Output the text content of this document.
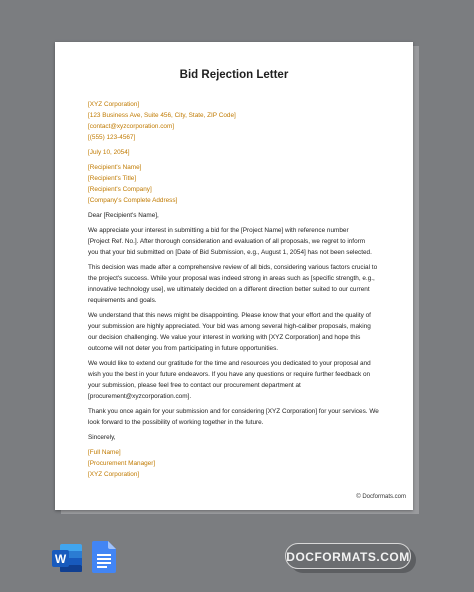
Bid Rejection Letter
[XYZ Corporation]
[123 Business Ave, Suite 456, City, State, ZIP Code]
[contact@xyzcorporation.com]
[(555) 123-4567]
[July 10, 2054]
[Recipient's Name]
[Recipient's Title]
[Recipient's Company]
[Company's Complete Address]
Dear [Recipient's Name],
We appreciate your interest in submitting a bid for the [Project Name] with reference number
[Project Ref. No.]. After thorough consideration and evaluation of all proposals, we regret to inform
you that your bid submitted on [Date of Bid Submission, e.g., August 1, 2054] has not been selected.
This decision was made after a comprehensive review of all bids, considering various factors crucial to
the project's success. While your proposal was indeed strong in areas such as [specific strength, e.g.,
innovative technology use], we ultimately decided on a different direction better suited to our current
requirements and goals.
We understand that this news might be disappointing. Please know that your effort and the quality of
your submission are highly appreciated. Your bid was among several high-caliber proposals, making
our decision challenging. We value your interest in working with [XYZ Corporation] and hope this
outcome will not deter you from participating in future opportunities.
We would like to extend our gratitude for the time and resources you dedicated to your proposal and
wish you the best in your future endeavors. If you have any questions or require further feedback on
your submission, please feel free to contact our procurement department at
[procurement@xyzcorporation.com].
Thank you once again for your submission and for considering [XYZ Corporation] for your services. We
look forward to the possibility of working together in the future.
Sincerely,
[Full Name]
[Procurement Manager]
[XYZ Corporation]
© Docformats.com
W	DOCFORMATS.COM
